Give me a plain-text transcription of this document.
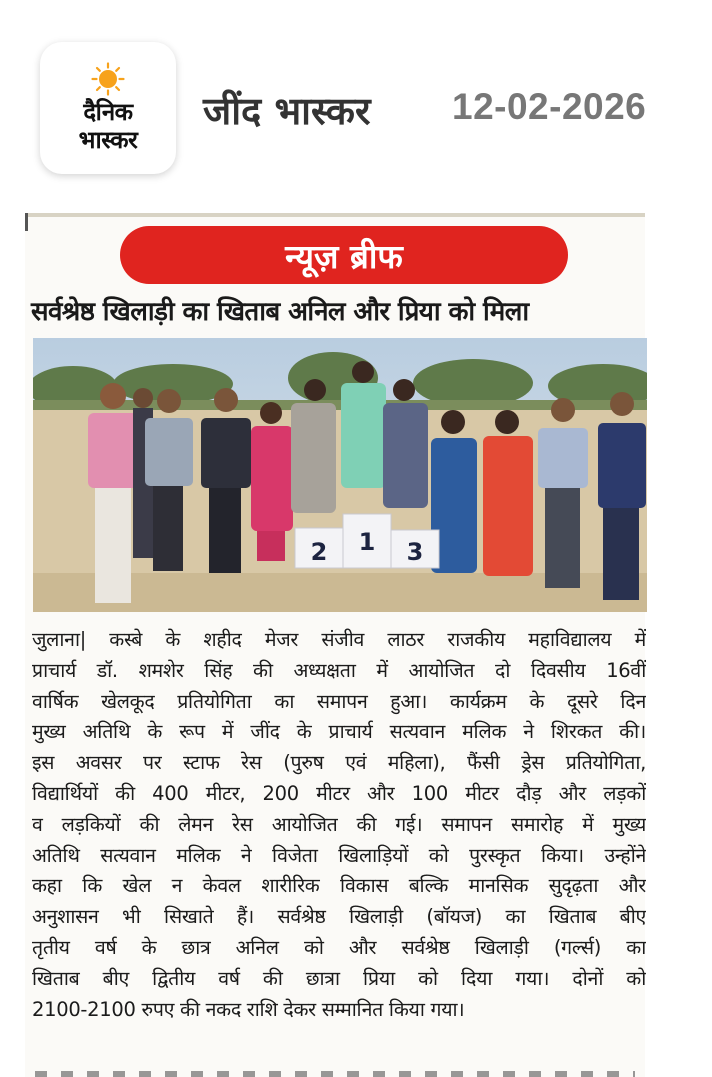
दैनिक
भास्कर
जींद भास्कर 12-02-2026
न्यूज़ ब्रीफ
सर्वश्रेष्ठ खिलाड़ी का खिताब अनिल और प्रिया को मिला
2 1 3
जुलाना| कस्बे के शहीद मेजर संजीव लाठर राजकीय महाविद्यालय में
प्राचार्य डॉ. शमशेर सिंह की अध्यक्षता में आयोजित दो दिवसीय 16वीं
वार्षिक खेलकूद प्रतियोगिता का समापन हुआ। कार्यक्रम के दूसरे दिन
मुख्य अतिथि के रूप में जींद के प्राचार्य सत्यवान मलिक ने शिरकत की।
इस अवसर पर स्टाफ रेस (पुरुष एवं महिला), फैंसी ड्रेस प्रतियोगिता,
विद्यार्थियों की 400 मीटर, 200 मीटर और 100 मीटर दौड़ और लड़कों
व लड़कियों की लेमन रेस आयोजित की गई। समापन समारोह में मुख्य
अतिथि सत्यवान मलिक ने विजेता खिलाड़ियों को पुरस्कृत किया। उन्होंने
कहा कि खेल न केवल शारीरिक विकास बल्कि मानसिक सुदृढ़ता और
अनुशासन भी सिखाते हैं। सर्वश्रेष्ठ खिलाड़ी (बॉयज) का खिताब बीए
तृतीय वर्ष के छात्र अनिल को और सर्वश्रेष्ठ खिलाड़ी (गर्ल्स) का
खिताब बीए द्वितीय वर्ष की छात्रा प्रिया को दिया गया। दोनों को
2100-2100 रुपए की नकद राशि देकर सम्मानित किया गया।
